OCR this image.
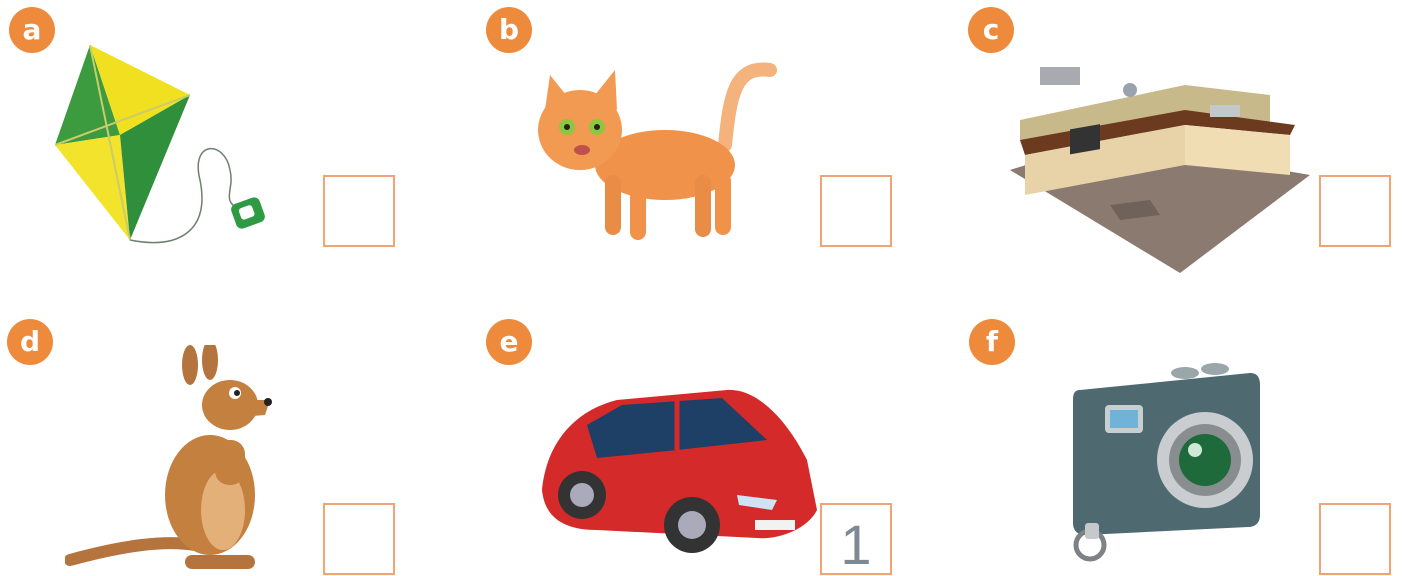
a	b	c
d	e
1
f
